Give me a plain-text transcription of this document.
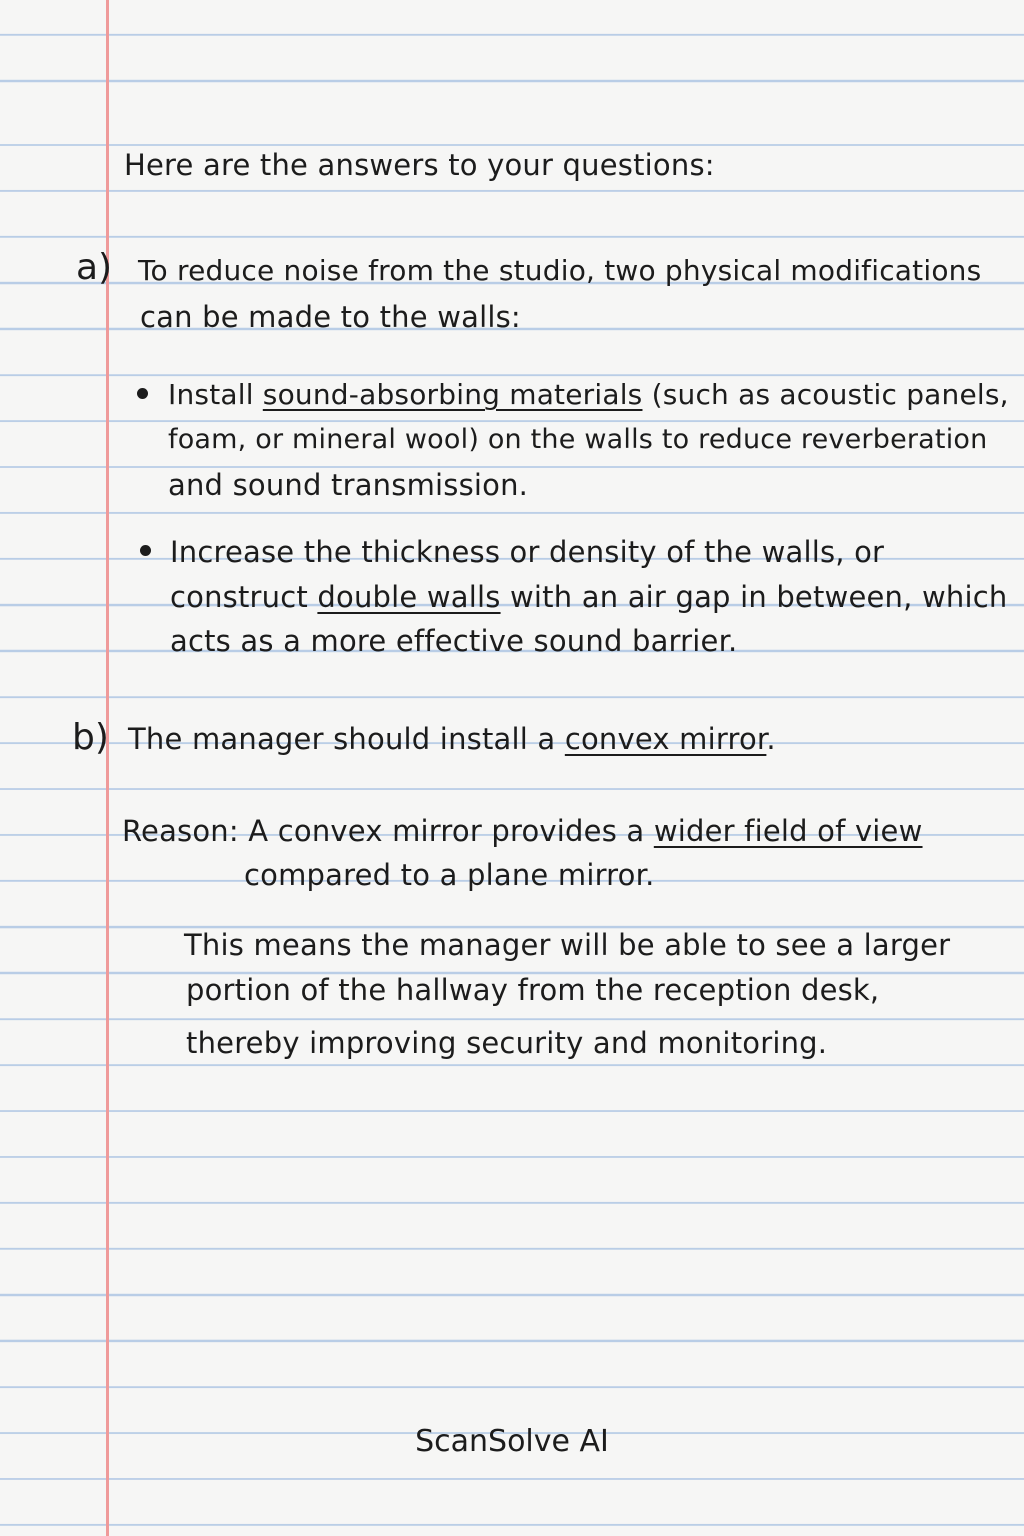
Here are the answers to your questions:
a) To reduce noise from the studio, two physical modifications
can be made to the walls:
Install sound-absorbing materials (such as acoustic panels,
foam, or mineral wool) on the walls to reduce reverberation
and sound transmission.
Increase the thickness or density of the walls, or
construct double walls with an air gap in between, which
acts as a more effective sound barrier.
b) The manager should install a convex mirror.
Reason: A convex mirror provides a wider field of view
compared to a plane mirror.
This means the manager will be able to see a larger
portion of the hallway from the reception desk,
thereby improving security and monitoring.
ScanSolve AI
